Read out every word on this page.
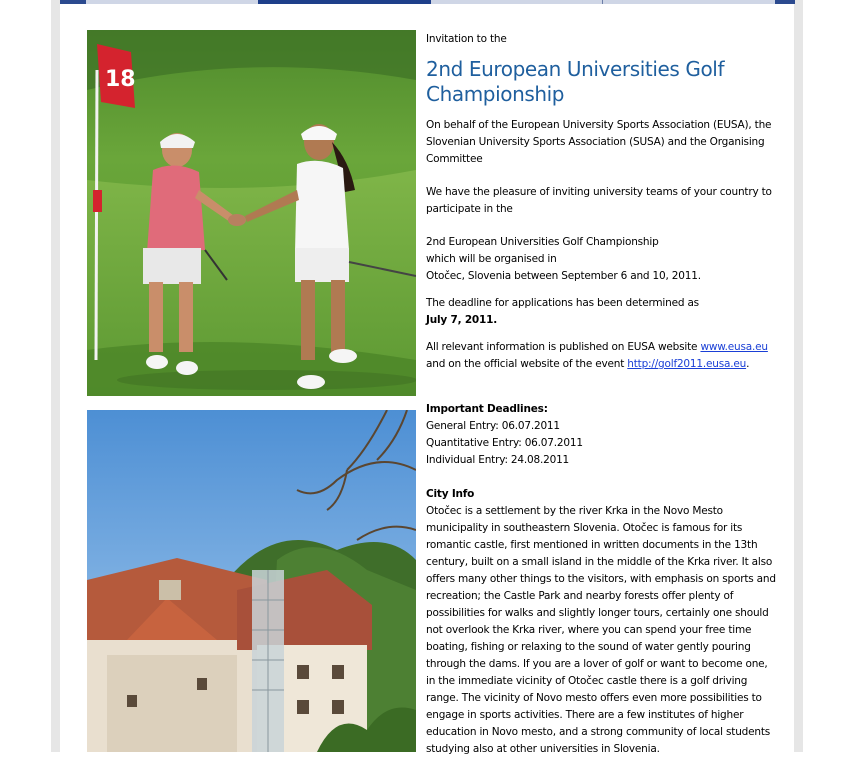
18

Invitation to the

2nd European Universities Golf Championship

On behalf of the European University Sports Association (EUSA), the Slovenian University Sports Association (SUSA) and the Organising Committee

We have the pleasure of inviting university teams of your country to participate in the

2nd European Universities Golf Championship

which will be organised in

Otočec, Slovenia between September 6 and 10, 2011.

The deadline for applications has been determined as

July 7, 2011.

All relevant information is published on EUSA website www.eusa.eu and on the official website of the event http://golf2011.eusa.eu.

Important Deadlines:

General Entry: 06.07.2011

Quantitative Entry: 06.07.2011

Individual Entry: 24.08.2011

City Info

Otočec is a settlement by the river Krka in the Novo Mesto municipality in southeastern Slovenia. Otočec is famous for its romantic castle, first mentioned in written documents in the 13th century, built on a small island in the middle of the Krka river. It also offers many other things to the visitors, with emphasis on sports and recreation; the Castle Park and nearby forests offer plenty of possibilities for walks and slightly longer tours, certainly one should not overlook the Krka river, where you can spend your free time boating, fishing or relaxing to the sound of water gently pouring through the dams. If you are a lover of golf or want to become one, in the immediate vicinity of Otočec castle there is a golf driving range. The vicinity of Novo mesto offers even more possibilities to engage in sports activities. There are a few institutes of higher education in Novo mesto, and a strong community of local students studying also at other universities in Slovenia.
